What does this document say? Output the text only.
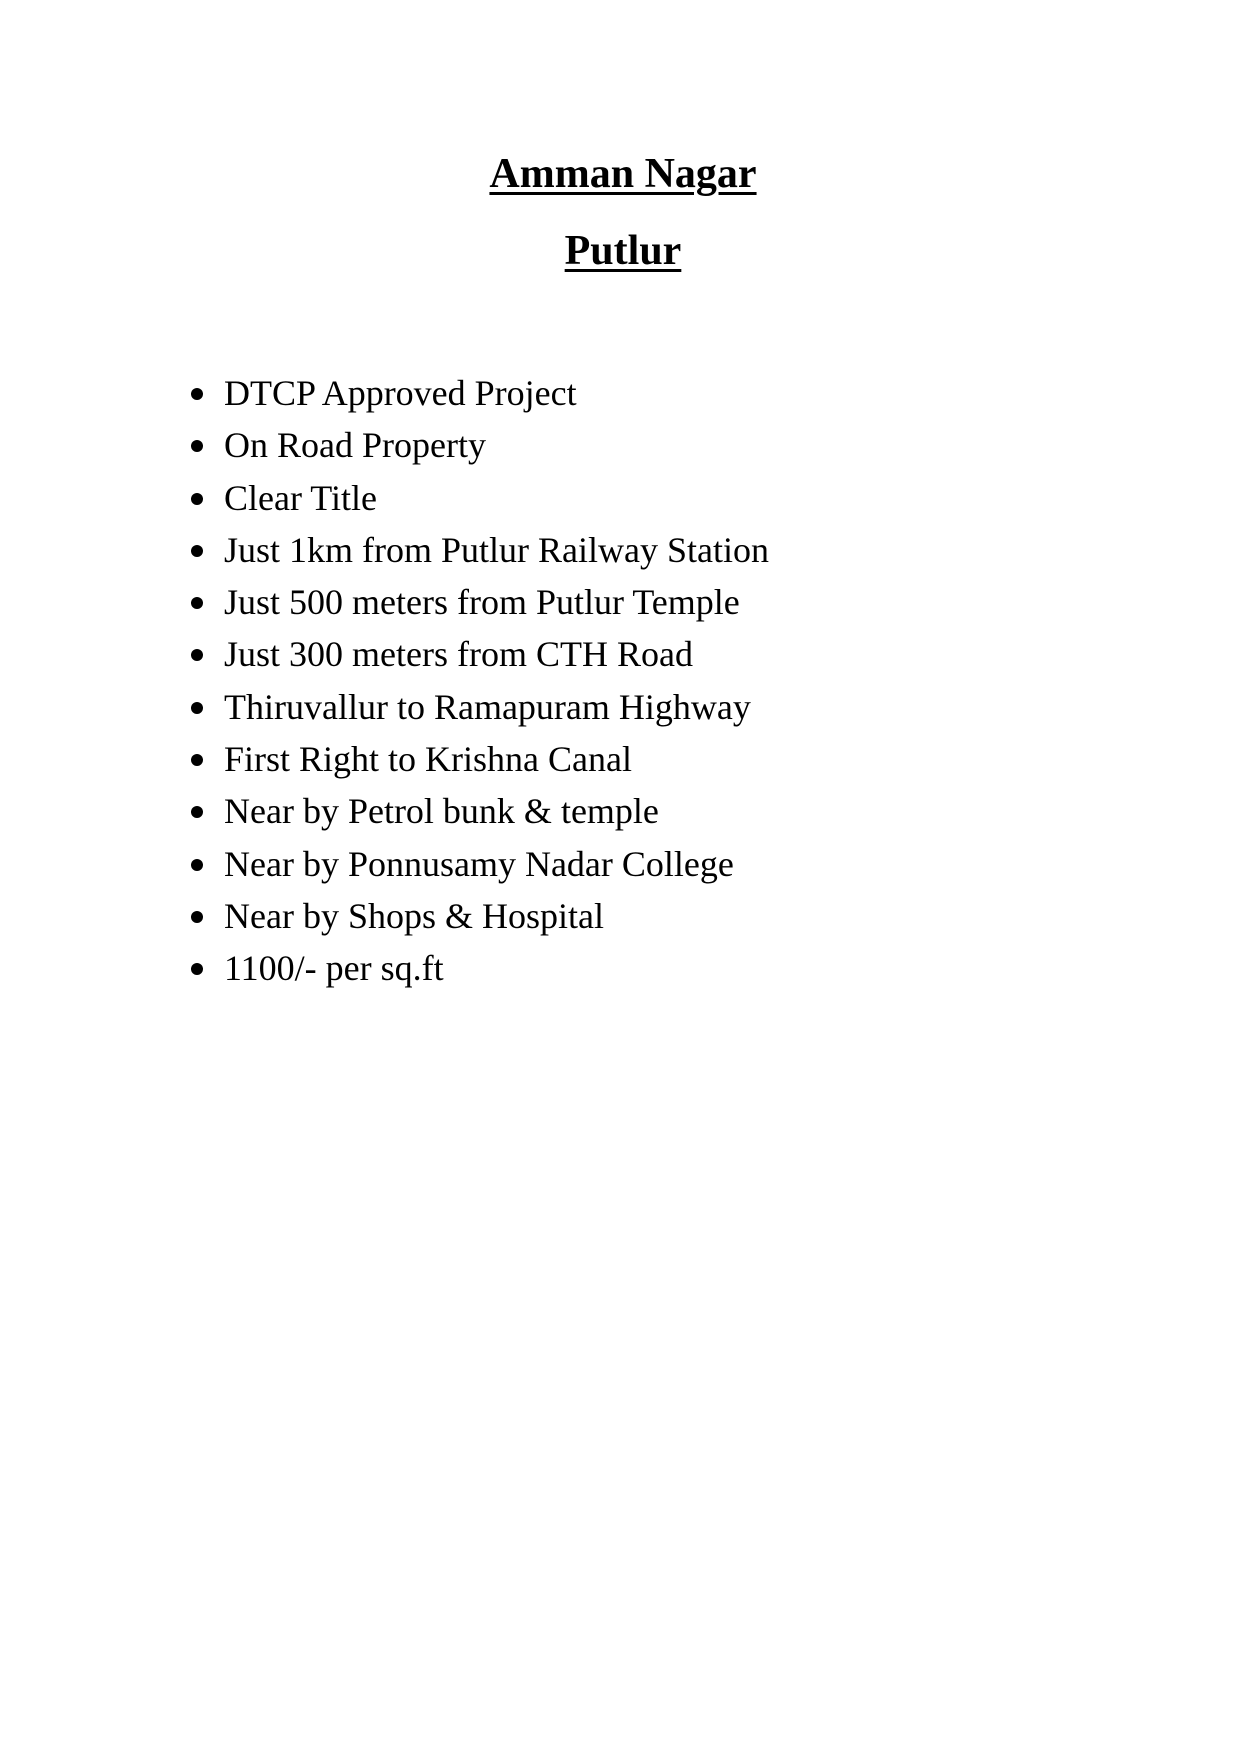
Amman Nagar

Putlur

DTCP Approved Project
On Road Property
Clear Title
Just 1km from Putlur Railway Station
Just 500 meters from Putlur Temple
Just 300 meters from CTH Road
Thiruvallur to Ramapuram Highway
First Right to Krishna Canal
Near by Petrol bunk & temple
Near by Ponnusamy Nadar College
Near by Shops & Hospital
1100/- per sq.ft
